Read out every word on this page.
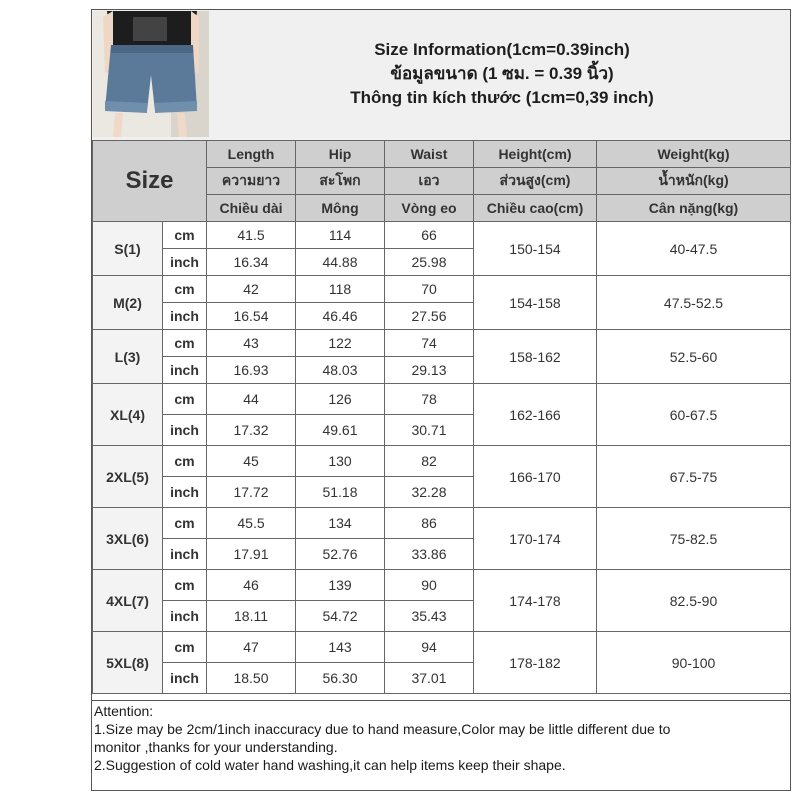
Size Information(1cm=0.39inch)
ข้อมูลขนาด (1 ซม. = 0.39 นิ้ว)
Thông tin kích thước (1cm=0,39 inch)
Size		Length	Hip	Waist	Height(cm)	Weight(kg)
		ความยาว	สะโพก	เอว	ส่วนสูง(cm)	น้ำหนัก(kg)
		Chiều dài	Mông	Vòng eo	Chiều cao(cm)	Cân nặng(kg)
S(1)	cm	41.5	114	66	150-154	40-47.5
	inch	16.34	44.88	25.98		
M(2)	cm	42	118	70	154-158	47.5-52.5
	inch	16.54	46.46	27.56		
L(3)	cm	43	122	74	158-162	52.5-60
	inch	16.93	48.03	29.13		
XL(4)	cm	44	126	78	162-166	60-67.5
	inch	17.32	49.61	30.71		
2XL(5)	cm	45	130	82	166-170	67.5-75
	inch	17.72	51.18	32.28		
3XL(6)	cm	45.5	134	86	170-174	75-82.5
	inch	17.91	52.76	33.86		
4XL(7)	cm	46	139	90	174-178	82.5-90
	inch	18.11	54.72	35.43		
5XL(8)	cm	47	143	94	178-182	90-100
	inch	18.50	56.30	37.01		
Attention:
1.Size may be 2cm/1inch inaccuracy due to hand measure,Color may be little different due to
monitor ,thanks for your understanding.
2.Suggestion of cold water hand washing,it can help items keep their shape.
